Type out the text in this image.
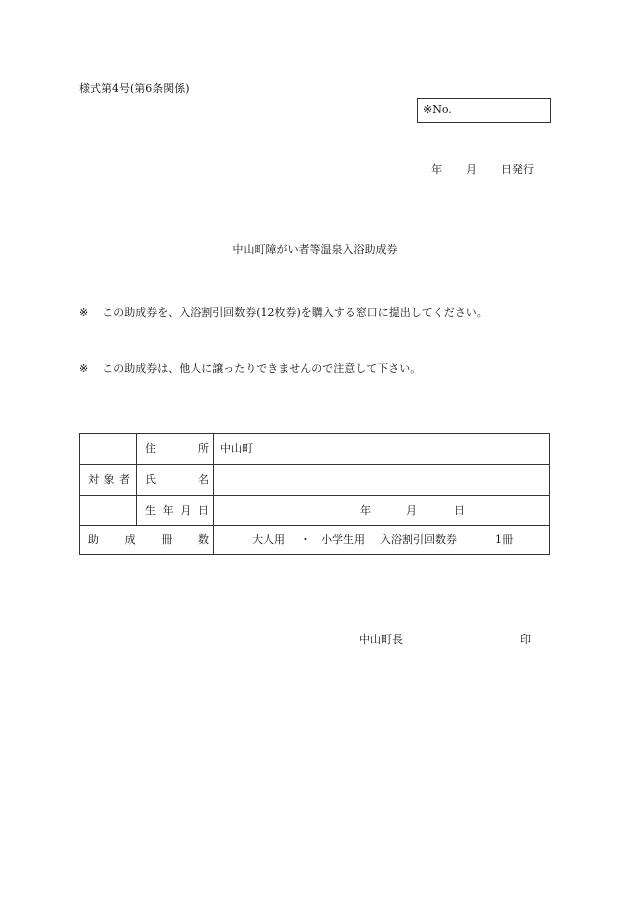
様式第4号(第6条関係)
※No.
年 月 日発行
中山町障がい者等温泉入浴助成券
※ この助成券を、入浴割引回数券(12枚券)を購入する窓口に提出してください。
※ この助成券は、他人に譲ったりできませんので注意して下さい。
対 象 者
住	所 中山町
氏	名
生 年 月 日	年	月	日
助 成 冊 数	大人用 ・ 小学生用 入浴割引回数券	1冊
中山町長	印
